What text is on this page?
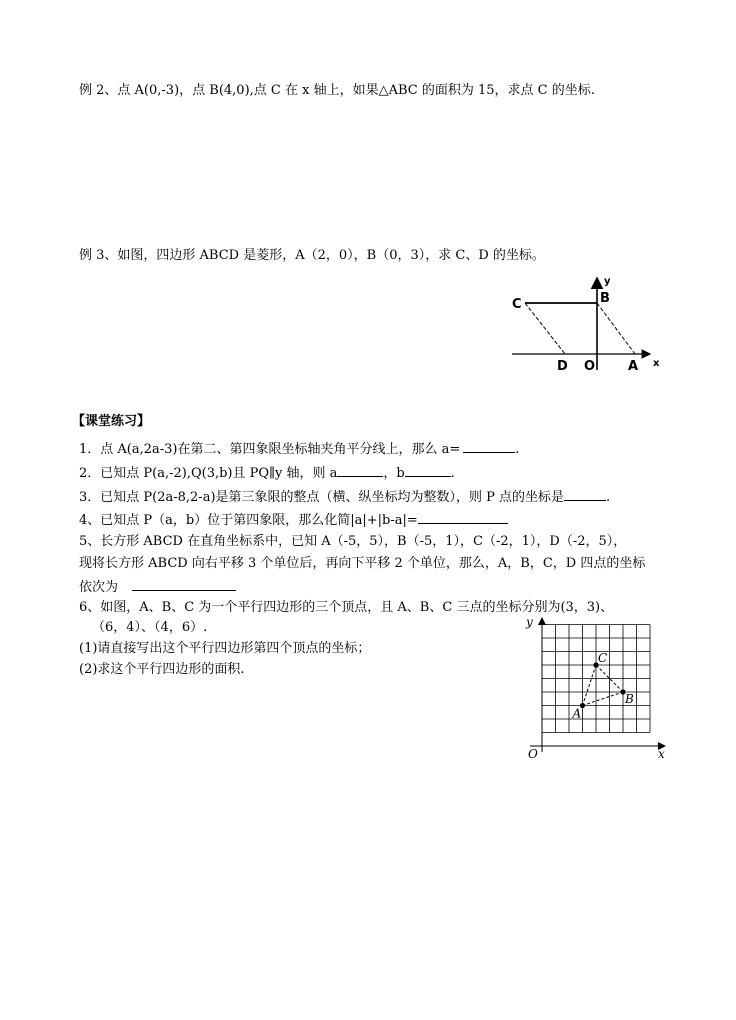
例 2、点 A(0,-3)，点 B(4,0),点 C 在 x 轴上，如果△ABC 的面积为 15，求点 C 的坐标.
例 3、如图，四边形 ABCD 是菱形，A（2，0），B（0，3），求 C、D 的坐标。
C	B
y
D O	A x
【课堂练习】
1．点 A(a,2a-3)在第二、第四象限坐标轴夹角平分线上，那么 a=	.
2．已知点 P(a,-2),Q(3,b)且 PQ∥y 轴，则 a	，b	.
3．已知点 P(2a-8,2-a)是第三象限的整点（横、纵坐标均为整数），则 P 点的坐标是	.
4、已知点 P（a，b）位于第四象限，那么化简|a|+|b-a|=
5、长方形 ABCD 在直角坐标系中，已知 A（-5，5），B（-5，1），C（-2，1），D（-2，5），
现将长方形 ABCD 向右平移 3 个单位后，再向下平移 2 个单位，那么，A，B，C，D 四点的坐标
依次为
6、如图，A、B、C 为一个平行四边形的三个顶点，且 A、B、C 三点的坐标分别为(3，3)、
（6，4）、（4，6）.
(1)请直接写出这个平行四边形第四个顶点的坐标；
(2)求这个平行四边形的面积.
y
x
O
A
B
C
